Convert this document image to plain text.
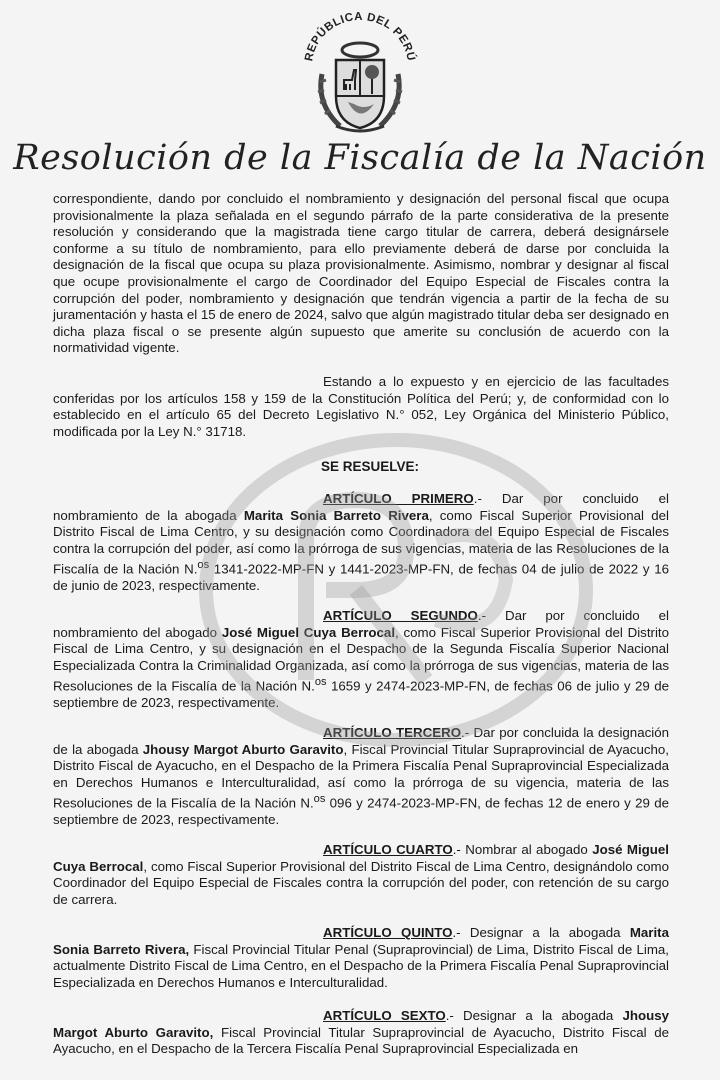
REPÚBLICA DEL PERÚ
Resolución de la Fiscalía de la Nación

correspondiente, dando por concluido el nombramiento y designación del personal fiscal que ocupa provisionalmente la plaza señalada en el segundo párrafo de la parte considerativa de la presente resolución y considerando que la magistrada tiene cargo titular de carrera, deberá designársele conforme a su título de nombramiento, para ello previamente deberá de darse por concluida la designación de la fiscal que ocupa su plaza provisionalmente. Asimismo, nombrar y designar al fiscal que ocupe provisionalmente el cargo de Coordinador del Equipo Especial de Fiscales contra la corrupción del poder, nombramiento y designación que tendrán vigencia a partir de la fecha de su juramentación y hasta el 15 de enero de 2024, salvo que algún magistrado titular deba ser designado en dicha plaza fiscal o se presente algún supuesto que amerite su conclusión de acuerdo con la normatividad vigente.

Estando a lo expuesto y en ejercicio de las facultades conferidas por los artículos 158 y 159 de la Constitución Política del Perú; y, de conformidad con lo establecido en el artículo 65 del Decreto Legislativo N.° 052, Ley Orgánica del Ministerio Público, modificada por la Ley N.° 31718.

SE RESUELVE:

ARTÍCULO PRIMERO.- Dar por concluido el nombramiento de la abogada Marita Sonia Barreto Rivera, como Fiscal Superior Provisional del Distrito Fiscal de Lima Centro, y su designación como Coordinadora del Equipo Especial de Fiscales contra la corrupción del poder, así como la prórroga de sus vigencias, materia de las Resoluciones de la Fiscalía de la Nación N.$^{os}$ 1341-2022-MP-FN y 1441-2023-MP-FN, de fechas 04 de julio de 2022 y 16 de junio de 2023, respectivamente.

ARTÍCULO SEGUNDO.- Dar por concluido el nombramiento del abogado José Miguel Cuya Berrocal, como Fiscal Superior Provisional del Distrito Fiscal de Lima Centro, y su designación en el Despacho de la Segunda Fiscalía Superior Nacional Especializada Contra la Criminalidad Organizada, así como la prórroga de sus vigencias, materia de las Resoluciones de la Fiscalía de la Nación N.$^{os}$ 1659 y 2474-2023-MP-FN, de fechas 06 de julio y 29 de septiembre de 2023, respectivamente.

ARTÍCULO TERCERO.- Dar por concluida la designación de la abogada Jhousy Margot Aburto Garavito, Fiscal Provincial Titular Supraprovincial de Ayacucho, Distrito Fiscal de Ayacucho, en el Despacho de la Primera Fiscalía Penal Supraprovincial Especializada en Derechos Humanos e Interculturalidad, así como la prórroga de su vigencia, materia de las Resoluciones de la Fiscalía de la Nación N.$^{os}$ 096 y 2474-2023-MP-FN, de fechas 12 de enero y 29 de septiembre de 2023, respectivamente.

ARTÍCULO CUARTO.- Nombrar al abogado José Miguel Cuya Berrocal, como Fiscal Superior Provisional del Distrito Fiscal de Lima Centro, designándolo como Coordinador del Equipo Especial de Fiscales contra la corrupción del poder, con retención de su cargo de carrera.

ARTÍCULO QUINTO.- Designar a la abogada Marita Sonia Barreto Rivera, Fiscal Provincial Titular Penal (Supraprovincial) de Lima, Distrito Fiscal de Lima, actualmente Distrito Fiscal de Lima Centro, en el Despacho de la Primera Fiscalía Penal Supraprovincial Especializada en Derechos Humanos e Interculturalidad.

ARTÍCULO SEXTO.- Designar a la abogada Jhousy Margot Aburto Garavito, Fiscal Provincial Titular Supraprovincial de Ayacucho, Distrito Fiscal de Ayacucho, en el Despacho de la Tercera Fiscalía Penal Supraprovincial Especializada en
